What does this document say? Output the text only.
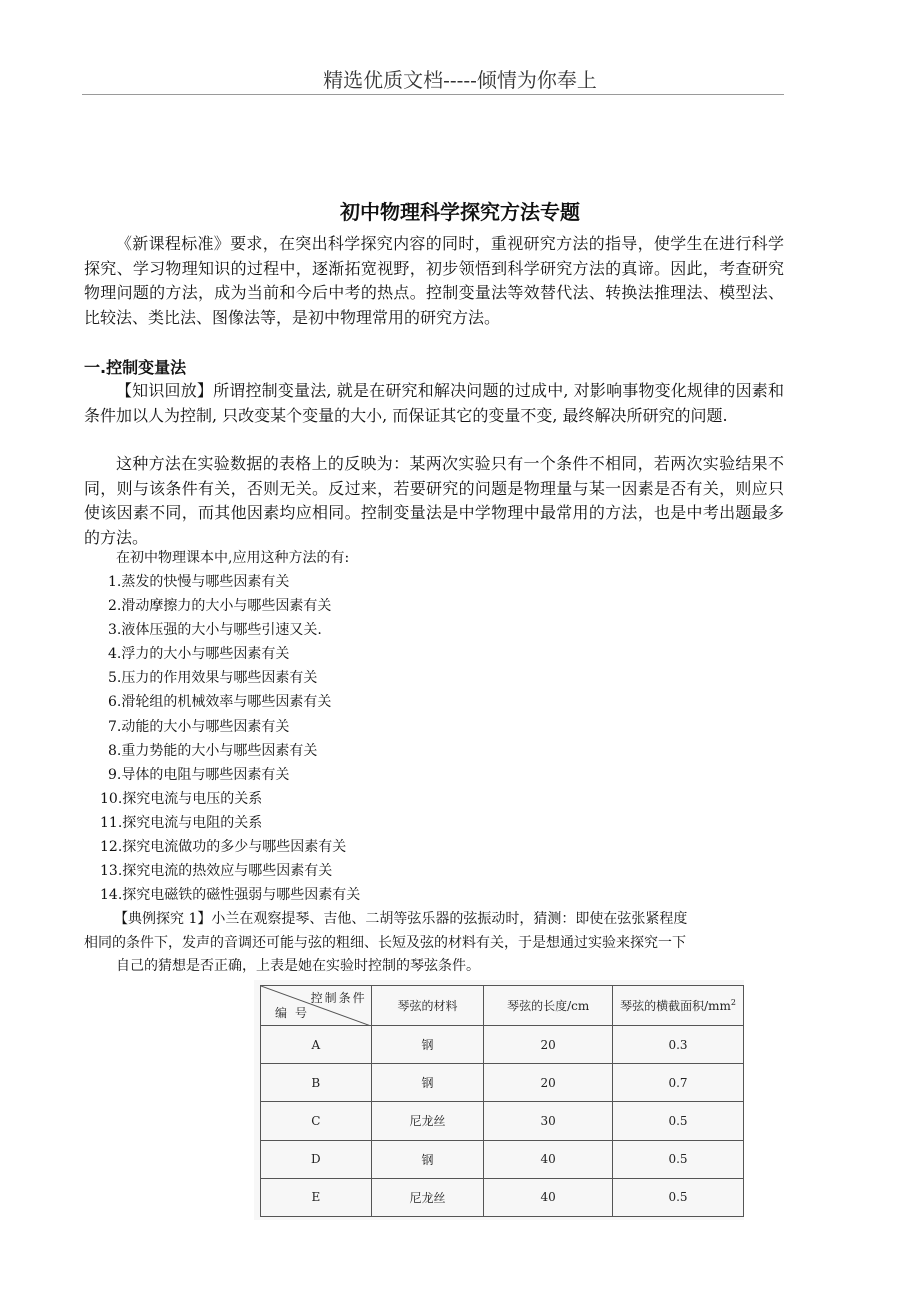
精选优质文档-----倾情为你奉上
初中物理科学探究方法专题

《新课程标准》要求，在突出科学探究内容的同时，重视研究方法的指导，使学生在进行科学探究、学习物理知识的过程中，逐渐拓宽视野，初步领悟到科学研究方法的真谛。因此，考查研究物理问题的方法，成为当前和今后中考的热点。控制变量法等效替代法、转换法推理法、模型法、比较法、类比法、图像法等，是初中物理常用的研究方法。

一.控制变量法

【知识回放】所谓控制变量法, 就是在研究和解决问题的过成中, 对影响事物变化规律的因素和条件加以人为控制, 只改变某个变量的大小, 而保证其它的变量不变, 最终解决所研究的问题.

这种方法在实验数据的表格上的反映为：某两次实验只有一个条件不相同，若两次实验结果不同，则与该条件有关，否则无关。反过来，若要研究的问题是物理量与某一因素是否有关，则应只使该因素不同，而其他因素均应相同。控制变量法是中学物理中最常用的方法，也是中考出题最多的方法。

在初中物理课本中,应用这种方法的有:
1.蒸发的快慢与哪些因素有关
2.滑动摩擦力的大小与哪些因素有关
3.液体压强的大小与哪些引速又关.
4.浮力的大小与哪些因素有关
5.压力的作用效果与哪些因素有关
6.滑轮组的机械效率与哪些因素有关
7.动能的大小与哪些因素有关
8.重力势能的大小与哪些因素有关
9.导体的电阻与哪些因素有关
10.探究电流与电压的关系
11.探究电流与电阻的关系
12.探究电流做功的多少与哪些因素有关
13.探究电流的热效应与哪些因素有关
14.探究电磁铁的磁性强弱与哪些因素有关
【典例探究 1】小兰在观察提琴、吉他、二胡等弦乐器的弦振动时，猜测：即使在弦张紧程度
相同的条件下，发声的音调还可能与弦的粗细、长短及弦的材料有关，于是想通过实验来探究一下
自己的猜想是否正确，上表是她在实验时控制的琴弦条件。
控制条件
编号	琴弦的材料	琴弦的长度/cm	琴弦的横截面积$/mm^2$
A	钢	20	0.3
B	钢	20	0.7
C	尼龙丝	30	0.5
D	钢	40	0.5
E	尼龙丝	40	0.5
